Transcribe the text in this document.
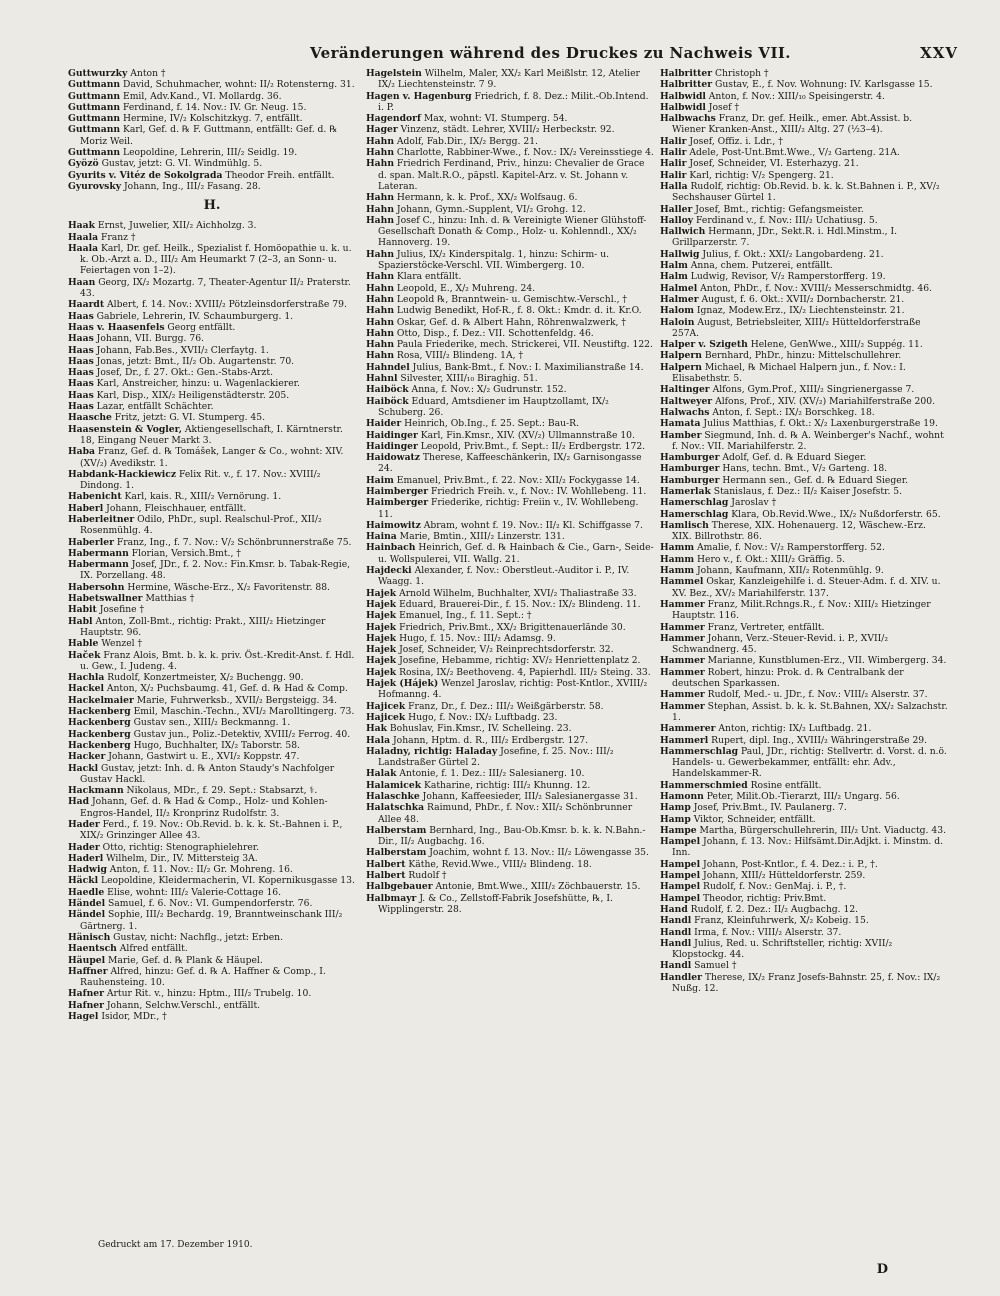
Veränderungen während des Druckes zu Nachweis VII.	XXV

Guttwurzky Anton †

Guttmann David, Schuhmacher, wohnt: II/₂ Rotensterng. 31.

Guttmann Emil, Adv.Kand., VI. Mollardg. 36.

Guttmann Ferdinand, f. 14. Nov.: IV. Gr. Neug. 15.

Guttmann Hermine, IV/₂ Kolschitzkyg. 7, entfällt.

Guttmann Karl, Gef. d. ℞ F. Guttmann, entfällt: Gef. d. ℞ Moriz Weil.

Guttmann Leopoldine, Lehrerin, III/₂ Seidlg. 19.

Gyözö Gustav, jetzt: G. VI. Windmühlg. 5.

Gyurits v. Vitéz de Sokolgrada Theodor Freih. entfällt.

Gyurovsky Johann, Ing., III/₂ Fasang. 28.

H.

Haak Ernst, Juwelier, XII/₂ Aichholzg. 3.

Haala Franz †

Haala Karl, Dr. gef. Heilk., Spezialist f. Homöopathie u. k. u. k. Ob.-Arzt a. D., III/₂ Am Heumarkt 7 (2–3, an Sonn- u. Feiertagen von 1–2).

Haan Georg, IX/₂ Mozartg. 7, Theater-Agentur II/₂ Praterstr. 43.

Haardt Albert, f. 14. Nov.: XVIII/₂ Pötzleinsdorferstraße 79.

Haas Gabriele, Lehrerin, IV. Schaumburgerg. 1.

Haas v. Haasenfels Georg entfällt.

Haas Johann, VII. Burgg. 76.

Haas Johann, Fab.Bes., XVII/₂ Clerfaytg. 1.

Haas Jonas, jetzt: Bmt., II/₂ Ob. Augartenstr. 70.

Haas Josef, Dr., f. 27. Okt.: Gen.-Stabs-Arzt.

Haas Karl, Anstreicher, hinzu: u. Wagenlackierer.

Haas Karl, Disp., XIX/₂ Heiligenstädterstr. 205.

Haas Lazar, entfällt Schächter.

Haasche Fritz, jetzt: G. VI. Stumperg. 45.

Haasenstein & Vogler, Aktiengesellschaft, I. Kärntnerstr. 18, Eingang Neuer Markt 3.

Haba Franz, Gef. d. ℞ Tomášek, Langer & Co., wohnt: XIV. (XV/₂) Avedikstr. 1.

Habdank-Hackiewicz Felix Rit. v., f. 17. Nov.: XVIII/₂ Dindong. 1.

Habenicht Karl, kais. R., XIII/₂ Vernörung. 1.

Haberl Johann, Fleischhauer, entfällt.

Haberleitner Odilo, PhDr., supl. Realschul-Prof., XII/₂ Rosenmühlg. 4.

Haberler Franz, Ing., f. 7. Nov.: V/₂ Schönbrunnerstraße 75.

Habermann Florian, Versich.Bmt., †

Habermann Josef, JDr., f. 2. Nov.: Fin.Kmsr. b. Tabak-Regie, IX. Porzellang. 48.

Habersohn Hermine, Wäsche-Erz., X/₂ Favoritenstr. 88.

Habetswallner Matthias †

Habit Josefine †

Habl Anton, Zoll-Bmt., richtig: Prakt., XIII/₂ Hietzinger Hauptstr. 96.

Hable Wenzel †

Haček Franz Alois, Bmt. b. k. k. priv. Öst.-Kredit-Anst. f. Hdl. u. Gew., I. Judeng. 4.

Hachla Rudolf, Konzertmeister, X/₂ Buchengg. 90.

Hackel Anton, X/₂ Puchsbaumg. 41, Gef. d. ℞ Had & Comp.

Hackelmaier Marie, Fuhrwerksb., XVII/₂ Bergsteigg. 34.

Hackenberg Emil, Maschin.-Techn., XVI/₂ Marolltingerg. 73.

Hackenberg Gustav sen., XIII/₂ Beckmanng. 1.

Hackenberg Gustav jun., Poliz.-Detektiv, XVIII/₂ Ferrog. 40.

Hackenberg Hugo, Buchhalter, IX/₂ Taborstr. 58.

Hacker Johann, Gastwirt u. E., XVI/₂ Koppstr. 47.

Hackl Gustav, jetzt: Inh. d. ℞ Anton Staudy's Nachfolger Gustav Hackl.

Hackmann Nikolaus, MDr., f. 29. Sept.: Stabsarzt, ⚕.

Had Johann, Gef. d. ℞ Had & Comp., Holz- und Kohlen-Engros-Handel, II/₂ Kronprinz Rudolfstr. 3.

Hader Ferd., f. 19. Nov.: Ob.Revid. b. k. k. St.-Bahnen i. P., XIX/₂ Grinzinger Allee 43.

Hader Otto, richtig: Stenographielehrer.

Haderl Wilhelm, Dir., IV. Mittersteig 3A.

Hadwig Anton, f. 11. Nov.: II/₂ Gr. Mohreng. 16.

Häckl Leopoldine, Kleidermacherin, VI. Kopernikusgasse 13.

Haedle Elise, wohnt: III/₂ Valerie-Cottage 16.

Händel Samuel, f. 6. Nov.: VI. Gumpendorferstr. 76.

Händel Sophie, III/₂ Bechardg. 19, Branntweinschank III/₂ Gärtnerg. 1.

Hänisch Gustav, nicht: Nachflg., jetzt: Erben.

Haentsch Alfred entfällt.

Häupel Marie, Gef. d. ℞ Plank & Häupel.

Haffner Alfred, hinzu: Gef. d. ℞ A. Haffner & Comp., I. Rauhensteing. 10.

Hafner Artur Rit. v., hinzu: Hptm., III/₂ Trubelg. 10.

Hafner Johann, Selchw.Verschl., entfällt.

Hagel Isidor, MDr., †

Hagelstein Wilhelm, Maler, XX/₂ Karl Meißlstr. 12, Atelier IX/₂ Liechtensteinstr. 7 9.

Hagen v. Hagenburg Friedrich, f. 8. Dez.: Milit.-Ob.Intend. i. P.

Hagendorf Max, wohnt: VI. Stumperg. 54.

Hager Vinzenz, städt. Lehrer, XVIII/₂ Herbeckstr. 92.

Hahn Adolf, Fab.Dir., IX/₂ Bergg. 21.

Hahn Charlotte, Rabbiner-Wwe., f. Nov.: IX/₂ Vereinsstiege 4.

Hahn Friedrich Ferdinand, Priv., hinzu: Chevalier de Grace d. span. Malt.R.O., päpstl. Kapitel-Arz. v. St. Johann v. Lateran.

Hahn Hermann, k. k. Prof., XX/₂ Wolfsaug. 6.

Hahn Johann, Gymn.-Supplent, VI/₂ Grohg. 12.

Hahn Josef C., hinzu: Inh. d. ℞ Vereinigte Wiener Glühstoff-Gesellschaft Donath & Comp., Holz- u. Kohlenndl., XX/₂ Hannoverg. 19.

Hahn Julius, IX/₂ Kinderspitalg. 1, hinzu: Schirm- u. Spazierstöcke-Verschl. VII. Wimbergerg. 10.

Hahn Klara entfällt.

Hahn Leopold, E., X/₂ Muhreng. 24.

Hahn Leopold ℞, Branntwein- u. Gemischtw.-Verschl., †

Hahn Ludwig Benedikt, Hof-R., f. 8. Okt.: Kmdr. d. it. Kr.O.

Hahn Oskar, Gef. d. ℞ Albert Hahn, Röhrenwalzwerk, †

Hahn Otto, Disp., f. Dez.: VII. Schottenfeldg. 46.

Hahn Paula Friederike, mech. Strickerei, VII. Neustiftg. 122.

Hahn Rosa, VIII/₂ Blindeng. 1A, †

Hahndel Julius, Bank-Bmt., f. Nov.: I. Maximilianstraße 14.

Hahnl Silvester, XIII/₁₀ Biraghig. 51.

Haiböck Anna, f. Nov.: X/₂ Gudrunstr. 152.

Haiböck Eduard, Amtsdiener im Hauptzollamt, IX/₂ Schuberg. 26.

Haider Heinrich, Ob.Ing., f. 25. Sept.: Bau-R.

Haidinger Karl, Fin.Kmsr., XIV. (XV/₂) Ullmannstraße 10.

Haidinger Leopold, Priv.Bmt., f. Sept.: II/₂ Erdbergstr. 172.

Haidowatz Therese, Kaffeeschänkerin, IX/₂ Garnisongasse 24.

Haim Emanuel, Priv.Bmt., f. 22. Nov.: XII/₂ Fockygasse 14.

Haimberger Friedrich Freih. v., f. Nov.: IV. Wohllebeng. 11.

Haimberger Friederike, richtig: Freiin v., IV. Wohllebeng. 11.

Haimowitz Abram, wohnt f. 19. Nov.: II/₂ Kl. Schiffgasse 7.

Haina Marie, Bmtin., XIII/₂ Linzerstr. 131.

Hainbach Heinrich, Gef. d. ℞ Hainbach & Cie., Garn-, Seide- u. Wollspulerei, VII. Wallg. 21.

Hajdecki Alexander, f. Nov.: Oberstleut.-Auditor i. P., IV. Waagg. 1.

Hajek Arnold Wilhelm, Buchhalter, XVI/₂ Thaliastraße 33.

Hajek Eduard, Brauerei-Dir., f. 15. Nov.: IX/₂ Blindeng. 11.

Hajek Emanuel, Ing., f. 11. Sept.: †

Hajek Friedrich, Priv.Bmt., XX/₂ Brigittenauerlände 30.

Hajek Hugo, f. 15. Nov.: III/₂ Adamsg. 9.

Hajek Josef, Schneider, V/₂ Reinprechtsdorferstr. 32.

Hajek Josefine, Hebamme, richtig: XV/₂ Henriettenplatz 2.

Hajek Rosina, IX/₂ Beethoveng. 4, Papierhdl. III/₂ Steing. 33.

Hajek (Hájek) Wenzel Jaroslav, richtig: Post-Kntlor., XVIII/₂ Hofmanng. 4.

Hajicek Franz, Dr., f. Dez.: III/₂ Weißgärberstr. 58.

Hajicek Hugo, f. Nov.: IX/₂ Luftbadg. 23.

Hak Bohuslav, Fin.Kmsr., IV. Schelleing. 23.

Hala Johann, Hptm. d. R., III/₂ Erdbergstr. 127.

Haladny, richtig: Haladay Josefine, f. 25. Nov.: III/₂ Landstraßer Gürtel 2.

Halak Antonie, f. 1. Dez.: III/₂ Salesianerg. 10.

Halamicek Katharine, richtig: III/₂ Khunng. 12.

Halaschke Johann, Kaffeesieder, III/₂ Salesianergasse 31.

Halatschka Raimund, PhDr., f. Nov.: XII/₂ Schönbrunner Allee 48.

Halberstam Bernhard, Ing., Bau-Ob.Kmsr. b. k. k. N.Bahn.-Dir., II/₂ Augbachg. 16.

Halberstam Joachim, wohnt f. 13. Nov.: II/₂ Löwengasse 35.

Halbert Käthe, Revid.Wwe., VIII/₂ Blindeng. 18.

Halbert Rudolf †

Halbgebauer Antonie, Bmt.Wwe., XIII/₂ Zöchbauerstr. 15.

Halbmayr J. & Co., Zellstoff-Fabrik Josefshütte, ℞, I. Wipplingerstr. 28.

Halbritter Christoph †

Halbritter Gustav, E., f. Nov. Wohnung: IV. Karlsgasse 15.

Halbwidl Anton, f. Nov.: XIII/₁₀ Speisingerstr. 4.

Halbwidl Josef †

Halbwachs Franz, Dr. gef. Heilk., emer. Abt.Assist. b. Wiener Kranken-Anst., XIII/₂ Altg. 27 (½3–4).

Halir Josef, Offiz. i. Ldr., †

Halir Adele, Post-Unt.Bmt.Wwe., V/₂ Garteng. 21A.

Halir Josef, Schneider, VI. Esterhazyg. 21.

Halir Karl, richtig: V/₂ Spengerg. 21.

Halla Rudolf, richtig: Ob.Revid. b. k. k. St.Bahnen i. P., XV/₂ Sechshauser Gürtel 1.

Haller Josef, Bmt., richtig: Gefangsmeister.

Halloy Ferdinand v., f. Nov.: III/₂ Uchatiusg. 5.

Hallwich Hermann, JDr., Sekt.R. i. Hdl.Minstm., I. Grillparzerstr. 7.

Hallwig Julius, f. Okt.: XXI/₂ Langobardeng. 21.

Halm Anna, chem. Putzerei, entfällt.

Halm Ludwig, Revisor, V/₂ Ramperstorfferg. 19.

Halmel Anton, PhDr., f. Nov.: XVIII/₂ Messerschmidtg. 46.

Halmer August, f. 6. Okt.: XVII/₂ Dornbacherstr. 21.

Halom Ignaz, Modew.Erz., IX/₂ Liechtensteinstr. 21.

Haloin August, Betriebsleiter, XIII/₂ Hütteldorferstraße 257A.

Halper v. Szigeth Helene, GenWwe., XIII/₂ Suppég. 11.

Halpern Bernhard, PhDr., hinzu: Mittelschullehrer.

Halpern Michael, ℞ Michael Halpern jun., f. Nov.: I. Elisabethstr. 5.

Haltinger Alfons, Gym.Prof., XIII/₂ Singrienergasse 7.

Haltweyer Alfons, Prof., XIV. (XV/₂) Mariahilferstraße 200.

Halwachs Anton, f. Sept.: IX/₂ Borschkeg. 18.

Hamata Julius Matthias, f. Okt.: X/₂ Laxenburgerstraße 19.

Hamber Siegmund, Inh. d. ℞ A. Weinberger's Nachf., wohnt f. Nov.: VII. Mariahilferstr. 2.

Hamburger Adolf, Gef. d. ℞ Eduard Sieger.

Hamburger Hans, techn. Bmt., V/₂ Garteng. 18.

Hamburger Hermann sen., Gef. d. ℞ Eduard Sieger.

Hamerlak Stanislaus, f. Dez.: II/₂ Kaiser Josefstr. 5.

Hamerschlag Jaroslav †

Hamerschlag Klara, Ob.Revid.Wwe., IX/₂ Nußdorferstr. 65.

Hamlisch Therese, XIX. Hohenauerg. 12, Wäschew.-Erz. XIX. Billrothstr. 86.

Hamm Amalie, f. Nov.: V/₂ Ramperstorfferg. 52.

Hamm Hero v., f. Okt.: XIII/₂ Gräffig. 5.

Hamm Johann, Kaufmann, XII/₂ Rotenmühlg. 9.

Hammel Oskar, Kanzleigehilfe i. d. Steuer-Adm. f. d. XIV. u. XV. Bez., XV/₂ Mariahilferstr. 137.

Hammer Franz, Milit.Rchngs.R., f. Nov.: XIII/₂ Hietzinger Hauptstr. 116.

Hammer Franz, Vertreter, entfällt.

Hammer Johann, Verz.-Steuer-Revid. i. P., XVII/₂ Schwandnerg. 45.

Hammer Marianne, Kunstblumen-Erz., VII. Wimbergerg. 34.

Hammer Robert, hinzu: Prok. d. ℞ Centralbank der deutschen Sparkassen.

Hammer Rudolf, Med.- u. JDr., f. Nov.: VIII/₂ Alserstr. 37.

Hammer Stephan, Assist. b. k. k. St.Bahnen, XX/₂ Salzachstr. 1.

Hammerer Anton, richtig: IX/₂ Luftbadg. 21.

Hammerl Rupert, dipl. Ing., XVIII/₂ Währingerstraße 29.

Hammerschlag Paul, JDr., richtig: Stellvertr. d. Vorst. d. n.ö. Handels- u. Gewerbekammer, entfällt: ehr. Adv., Handelskammer-R.

Hammerschmied Rosine entfällt.

Hamonn Peter, Milit.Ob.-Tierarzt, III/₂ Ungarg. 56.

Hamp Josef, Priv.Bmt., IV. Paulanerg. 7.

Hamp Viktor, Schneider, entfällt.

Hampe Martha, Bürgerschullehrerin, III/₂ Unt. Viaductg. 43.

Hampel Johann, f. 13. Nov.: Hilfsämt.Dir.Adjkt. i. Minstm. d. Inn.

Hampel Johann, Post-Kntlor., f. 4. Dez.: i. P., †.

Hampel Johann, XIII/₂ Hütteldorferstr. 259.

Hampel Rudolf, f. Nov.: GenMaj. i. P., †.

Hampel Theodor, richtig: Priv.Bmt.

Hand Rudolf, f. 2. Dez.: II/₂ Augbachg. 12.

Handl Franz, Kleinfuhrwerk, X/₂ Kobeig. 15.

Handl Irma, f. Nov.: VIII/₂ Alserstr. 37.

Handl Julius, Red. u. Schriftsteller, richtig: XVII/₂ Klopstockg. 44.

Handl Samuel †

Handler Therese, IX/₂ Franz Josefs-Bahnstr. 25, f. Nov.: IX/₂ Nußg. 12.

Gedruckt am 17. Dezember 1910.
D
